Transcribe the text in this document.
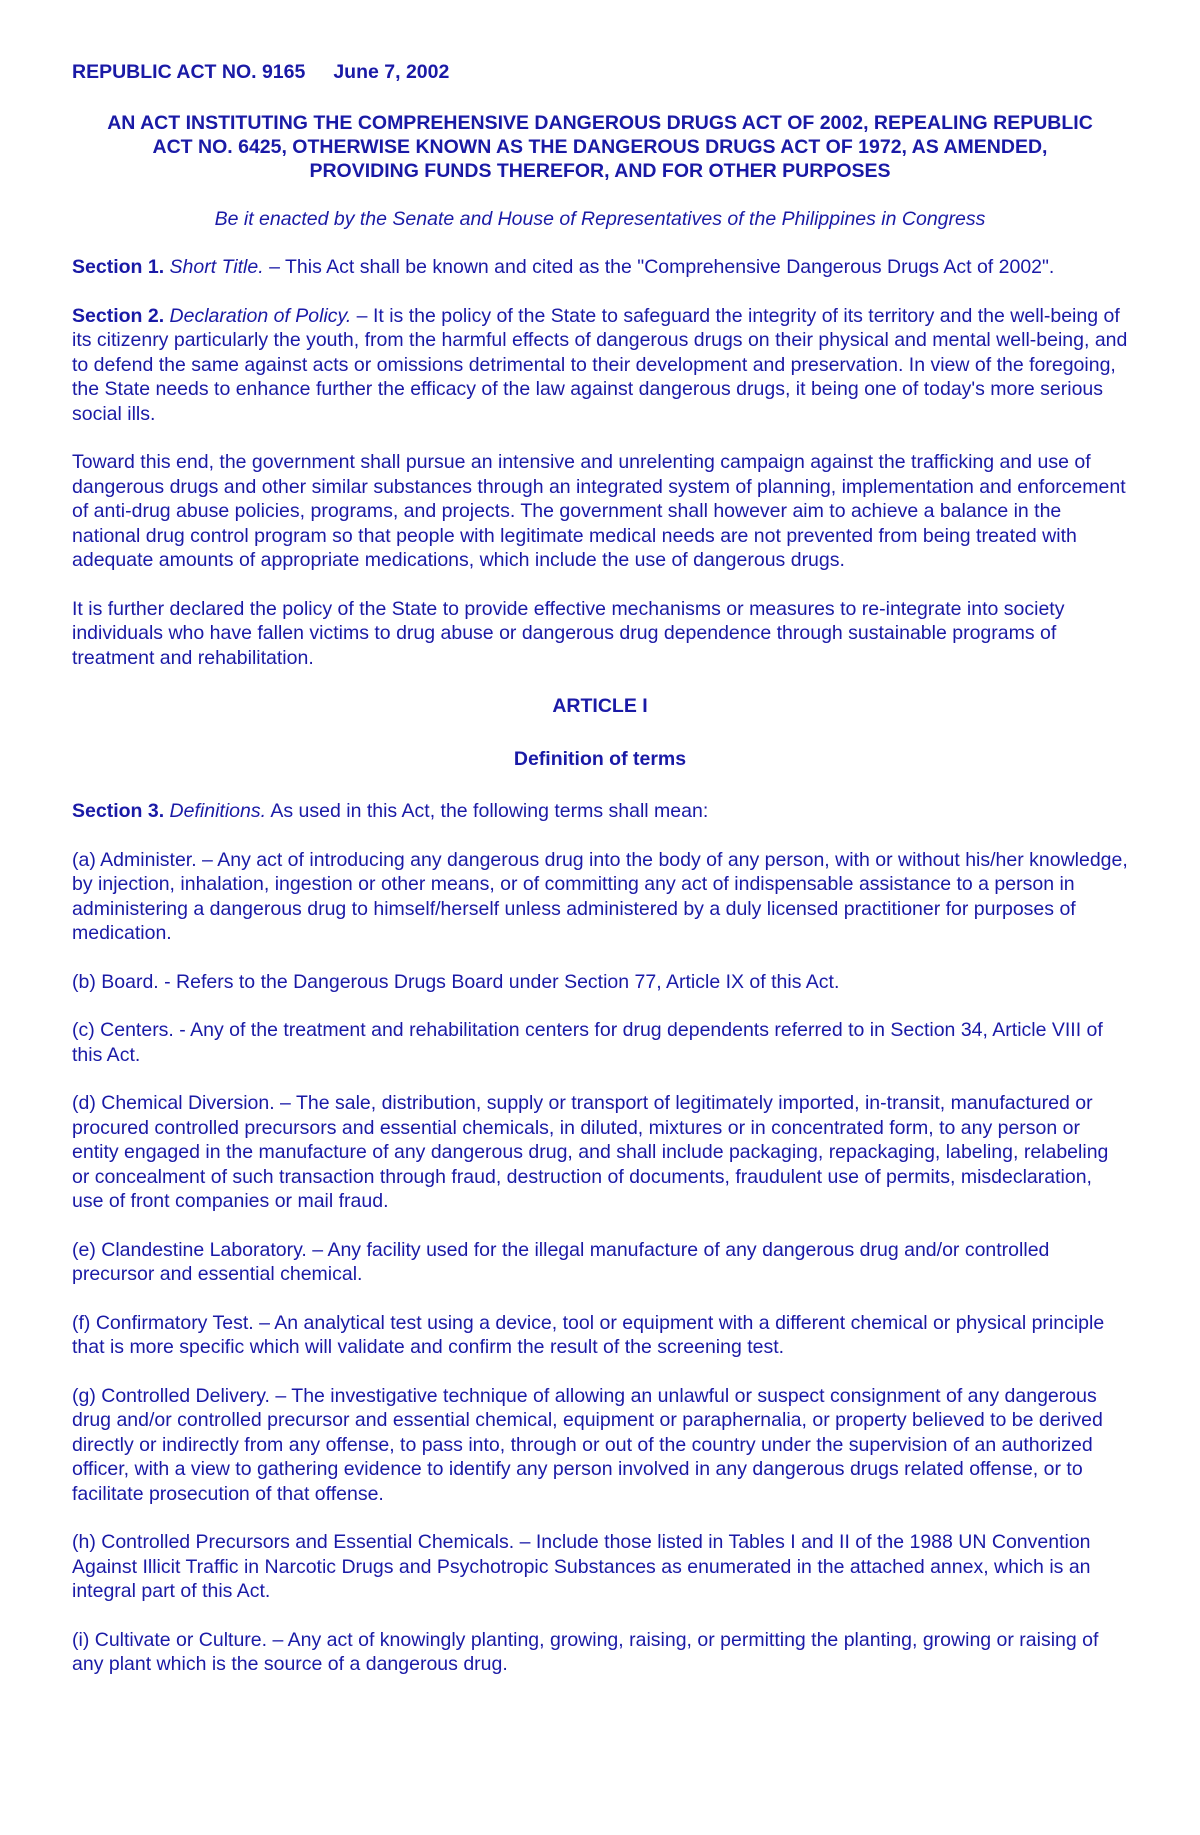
REPUBLIC ACT NO. 9165 June 7, 2002
AN ACT INSTITUTING THE COMPREHENSIVE DANGEROUS DRUGS ACT OF 2002, REPEALING REPUBLIC
ACT NO. 6425, OTHERWISE KNOWN AS THE DANGEROUS DRUGS ACT OF 1972, AS AMENDED,
PROVIDING FUNDS THEREFOR, AND FOR OTHER PURPOSES
Be it enacted by the Senate and House of Representatives of the Philippines in Congress

Section 1. Short Title. – This Act shall be known and cited as the "Comprehensive Dangerous Drugs Act of 2002".

Section 2. Declaration of Policy. – It is the policy of the State to safeguard the integrity of its territory and the well-being of its citizenry particularly the youth, from the harmful effects of dangerous drugs on their physical and mental well-being, and to defend the same against acts or omissions detrimental to their development and preservation. In view of the foregoing, the State needs to enhance further the efficacy of the law against dangerous drugs, it being one of today's more serious social ills.

Toward this end, the government shall pursue an intensive and unrelenting campaign against the trafficking and use of dangerous drugs and other similar substances through an integrated system of planning, implementation and enforcement of anti-drug abuse policies, programs, and projects. The government shall however aim to achieve a balance in the national drug control program so that people with legitimate medical needs are not prevented from being treated with adequate amounts of appropriate medications, which include the use of dangerous drugs.

It is further declared the policy of the State to provide effective mechanisms or measures to re-integrate into society individuals who have fallen victims to drug abuse or dangerous drug dependence through sustainable programs of treatment and rehabilitation.

ARTICLE I
Definition of terms

Section 3. Definitions. As used in this Act, the following terms shall mean:

(a) Administer. – Any act of introducing any dangerous drug into the body of any person, with or without his/her knowledge, by injection, inhalation, ingestion or other means, or of committing any act of indispensable assistance to a person in administering a dangerous drug to himself/herself unless administered by a duly licensed practitioner for purposes of medication.

(b) Board. - Refers to the Dangerous Drugs Board under Section 77, Article IX of this Act.

(c) Centers. - Any of the treatment and rehabilitation centers for drug dependents referred to in Section 34, Article VIII of this Act.

(d) Chemical Diversion. – The sale, distribution, supply or transport of legitimately imported, in-transit, manufactured or procured controlled precursors and essential chemicals, in diluted, mixtures or in concentrated form, to any person or entity engaged in the manufacture of any dangerous drug, and shall include packaging, repackaging, labeling, relabeling or concealment of such transaction through fraud, destruction of documents, fraudulent use of permits, misdeclaration, use of front companies or mail fraud.

(e) Clandestine Laboratory. – Any facility used for the illegal manufacture of any dangerous drug and/or controlled precursor and essential chemical.

(f) Confirmatory Test. – An analytical test using a device, tool or equipment with a different chemical or physical principle that is more specific which will validate and confirm the result of the screening test.

(g) Controlled Delivery. – The investigative technique of allowing an unlawful or suspect consignment of any dangerous drug and/or controlled precursor and essential chemical, equipment or paraphernalia, or property believed to be derived directly or indirectly from any offense, to pass into, through or out of the country under the supervision of an authorized officer, with a view to gathering evidence to identify any person involved in any dangerous drugs related offense, or to facilitate prosecution of that offense.

(h) Controlled Precursors and Essential Chemicals. – Include those listed in Tables I and II of the 1988 UN Convention Against Illicit Traffic in Narcotic Drugs and Psychotropic Substances as enumerated in the attached annex, which is an integral part of this Act.

(i) Cultivate or Culture. – Any act of knowingly planting, growing, raising, or permitting the planting, growing or raising of any plant which is the source of a dangerous drug.
